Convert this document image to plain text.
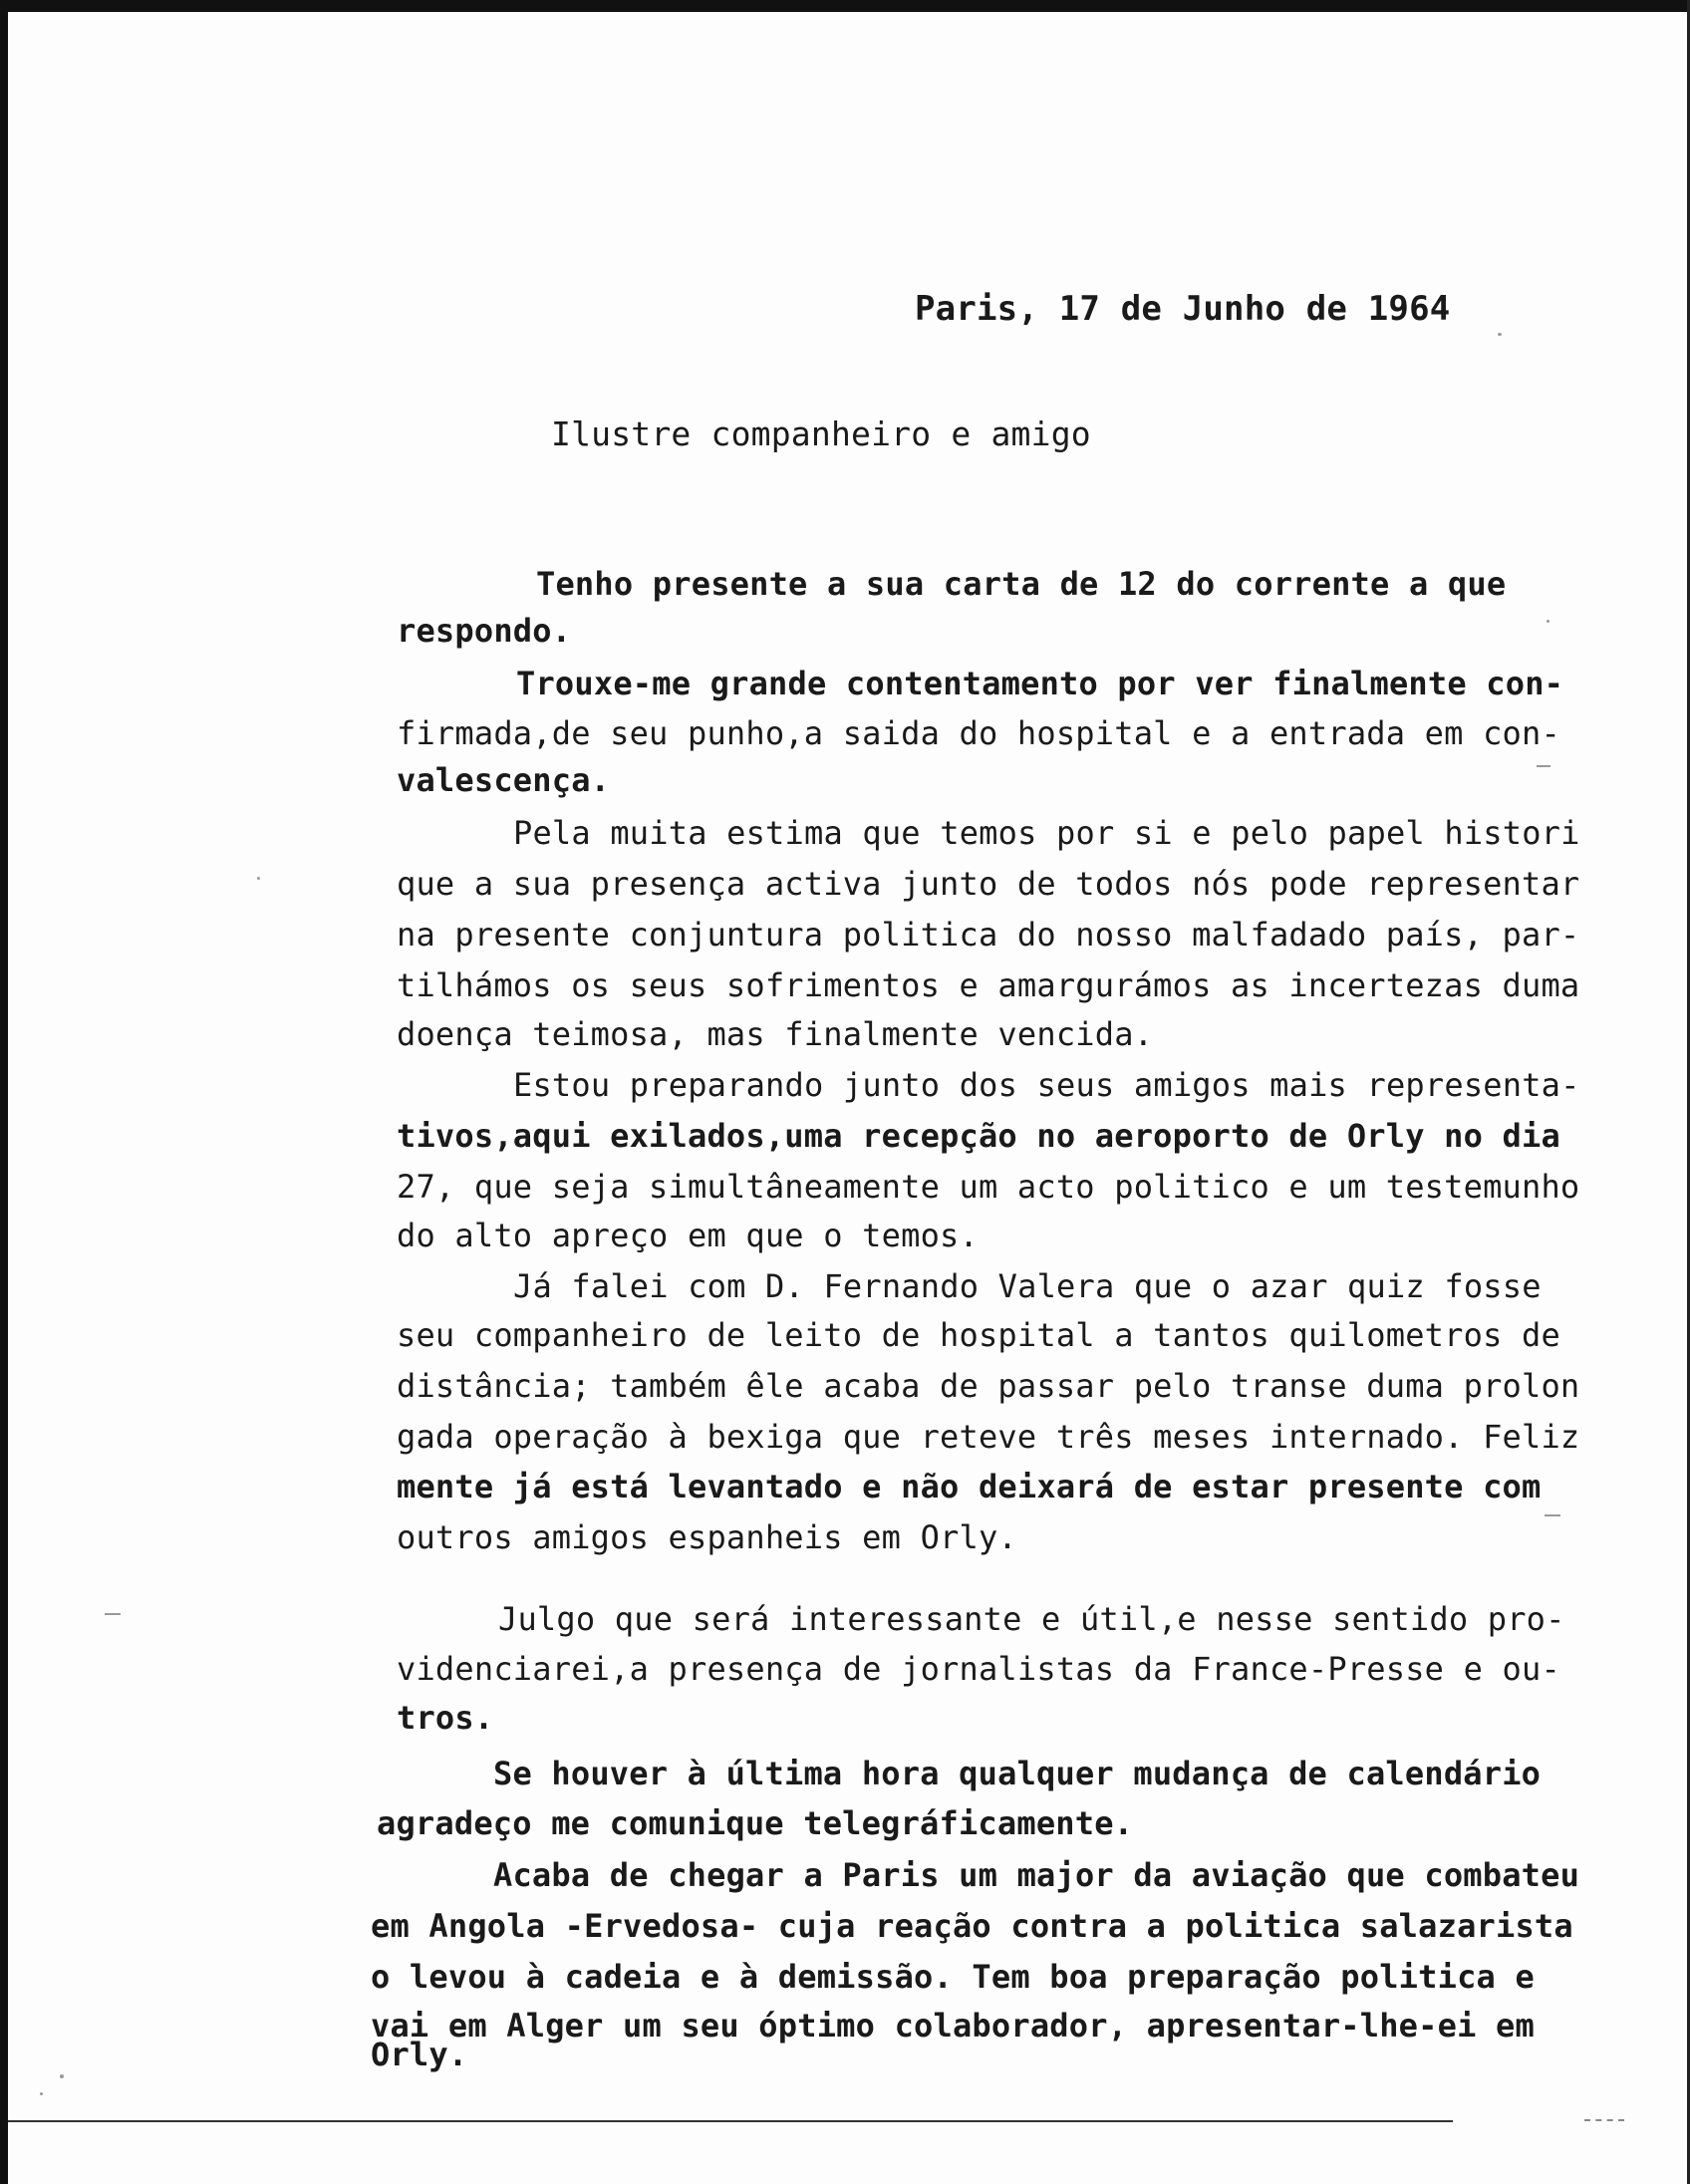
Paris, 17 de Junho de 1964
Ilustre companheiro e amigo
Tenho presente a sua carta de 12 do corrente a que
respondo.
Trouxe-me grande contentamento por ver finalmente con-
firmada,de seu punho,a saida do hospital e a entrada em con-
valescença.
Pela muita estima que temos por si e pelo papel histori
que a sua presença activa junto de todos nós pode representar
na presente conjuntura politica do nosso malfadado país, par-
tilhámos os seus sofrimentos e amargurámos as incertezas duma
doença teimosa, mas finalmente vencida.
Estou preparando junto dos seus amigos mais representa-
tivos,aqui exilados,uma recepção no aeroporto de Orly no dia
27, que seja simultâneamente um acto politico e um testemunho
do alto apreço em que o temos.
Já falei com D. Fernando Valera que o azar quiz fosse
seu companheiro de leito de hospital a tantos quilometros de
distância; também êle acaba de passar pelo transe duma prolon
gada operação à bexiga que reteve três meses internado. Feliz
mente já está levantado e não deixará de estar presente com
outros amigos espanheis em Orly.
Julgo que será interessante e útil,e nesse sentido pro-
videnciarei,a presença de jornalistas da France-Presse e ou-
tros.
Se houver à última hora qualquer mudança de calendário
agradeço me comunique telegráficamente.
Acaba de chegar a Paris um major da aviação que combateu
em Angola -Ervedosa- cuja reação contra a politica salazarista
o levou à cadeia e à demissão. Tem boa preparação politica e
vai em Alger um seu óptimo colaborador, apresentar-lhe-ei em
Orly.
